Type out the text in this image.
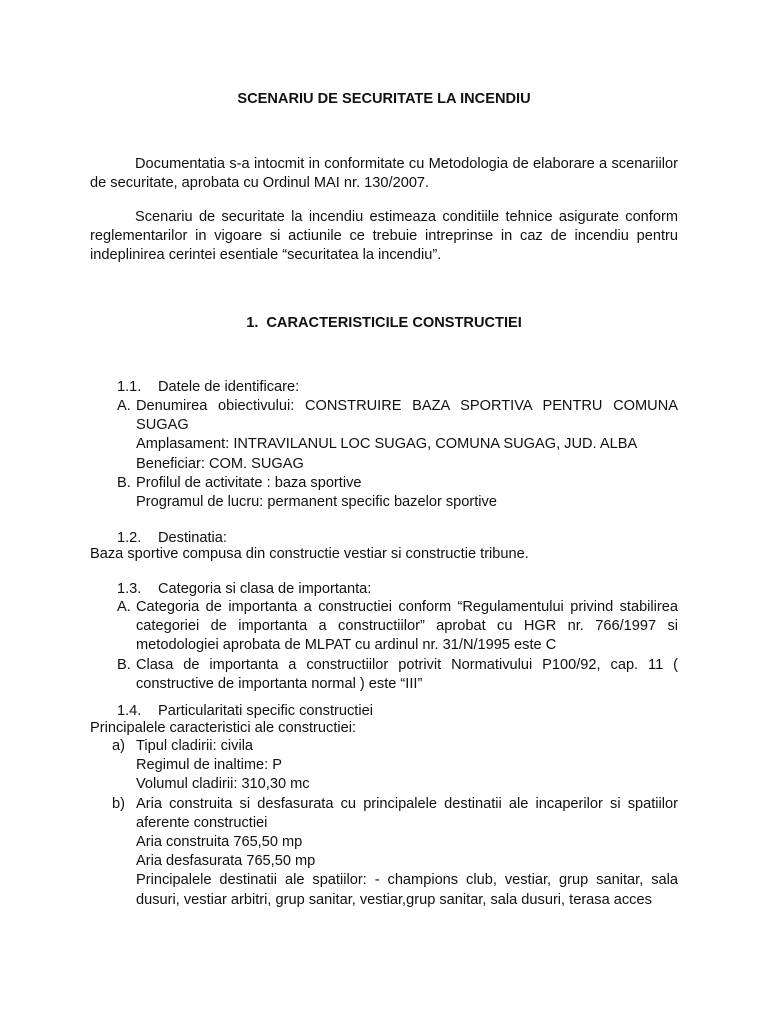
SCENARIU DE SECURITATE LA INCENDIU
Documentatia s-a intocmit in conformitate cu Metodologia de elaborare a scenariilor de securitate, aprobata cu Ordinul MAI nr. 130/2007.
Scenariu de securitate la incendiu estimeaza conditiile tehnice asigurate conform reglementarilor in vigoare si actiunile ce trebuie intreprinse in caz de incendiu pentru indeplinirea cerintei esentiale “securitatea la incendiu”.
1. CARACTERISTICILE CONSTRUCTIEI
1.1. Datele de identificare:
A. Denumirea obiectivului: CONSTRUIRE BAZA SPORTIVA PENTRU COMUNA
SUGAG
Amplasament: INTRAVILANUL LOC SUGAG, COMUNA SUGAG, JUD. ALBA
Beneficiar: COM. SUGAG
B. Profilul de activitate : baza sportive
Programul de lucru: permanent specific bazelor sportive
1.2. Destinatia:
Baza sportive compusa din constructie vestiar si constructie tribune.
1.3. Categoria si clasa de importanta:
A. Categoria de importanta a constructiei conform “Regulamentului privind stabilirea
categoriei de importanta a constructiilor” aprobat cu HGR nr. 766/1997 si
metodologiei aprobata de MLPAT cu ardinul nr. 31/N/1995 este C
B. Clasa de importanta a constructiilor potrivit Normativului P100/92, cap. 11 (
constructive de importanta normal ) este “III”
1.4. Particularitati specific constructiei
Principalele caracteristici ale constructiei:
a) Tipul cladirii: civila
Regimul de inaltime: P
Volumul cladirii: 310,30 mc
b) Aria construita si desfasurata cu principalele destinatii ale incaperilor si spatiilor
aferente constructiei
Aria construita 765,50 mp
Aria desfasurata 765,50 mp
Principalele destinatii ale spatiilor: - champions club, vestiar, grup sanitar, sala
dusuri, vestiar arbitri, grup sanitar, vestiar,grup sanitar, sala dusuri, terasa acces
